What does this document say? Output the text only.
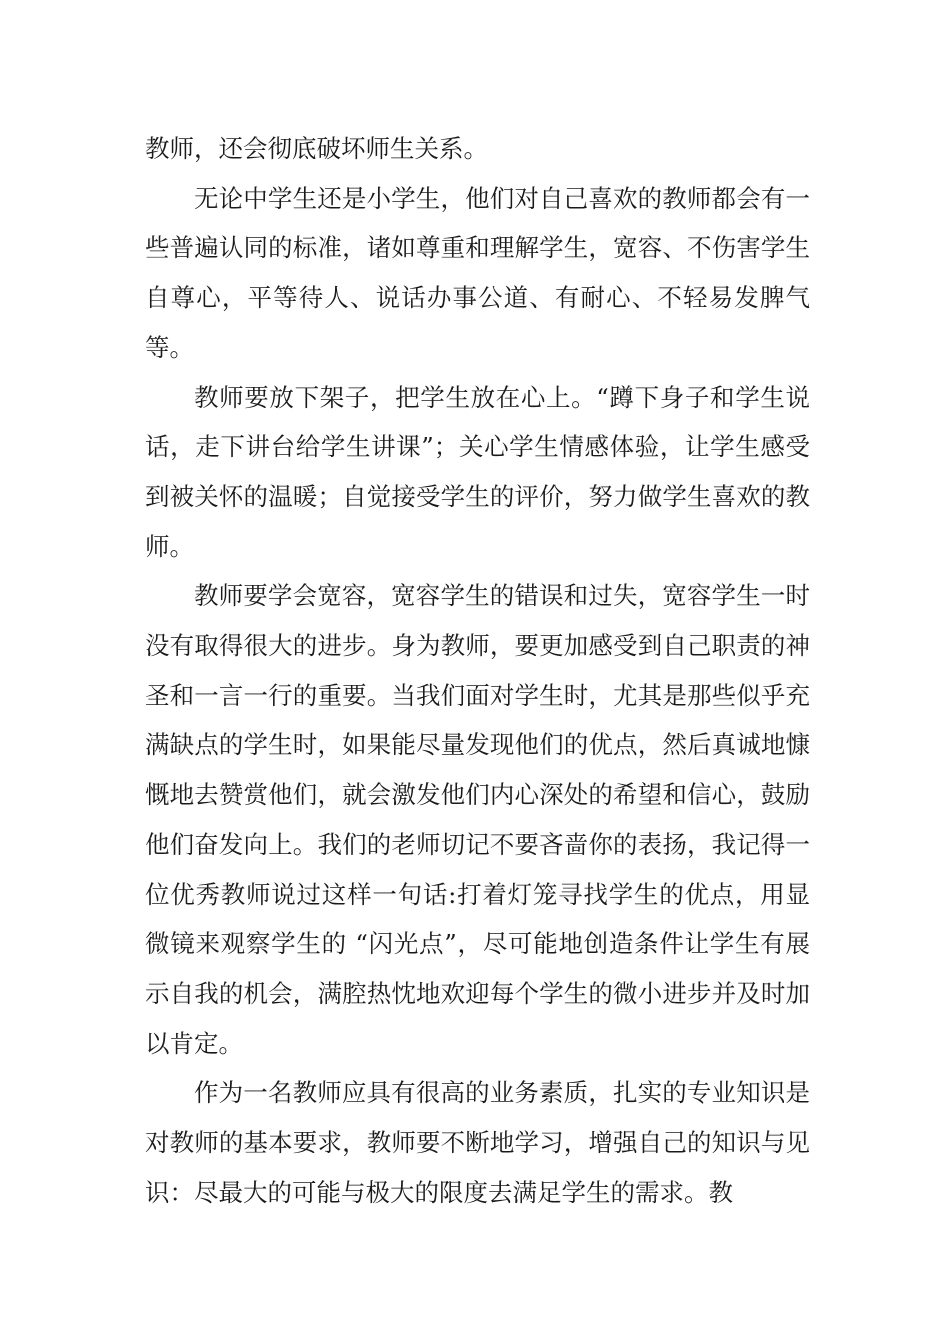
教师，还会彻底破坏师生关系。

无论中学生还是小学生，他们对自己喜欢的教师都会有一些普遍认同的标准，诸如尊重和理解学生，宽容、不伤害学生自尊心，平等待人、说话办事公道、有耐心、不轻易发脾气等。

教师要放下架子，把学生放在心上。“蹲下身子和学生说话，走下讲台给学生讲课”；关心学生情感体验，让学生感受到被关怀的温暖；自觉接受学生的评价，努力做学生喜欢的教师。

教师要学会宽容，宽容学生的错误和过失，宽容学生一时没有取得很大的进步。身为教师，要更加感受到自己职责的神圣和一言一行的重要。当我们面对学生时，尤其是那些似乎充满缺点的学生时，如果能尽量发现他们的优点，然后真诚地慷慨地去赞赏他们，就会激发他们内心深处的希望和信心，鼓励他们奋发向上。我们的老师切记不要吝啬你的表扬，我记得一位优秀教师说过这样一句话:打着灯笼寻找学生的优点，用显微镜来观察学生的 “闪光点”，尽可能地创造条件让学生有展示自我的机会，满腔热忱地欢迎每个学生的微小进步并及时加以肯定。

作为一名教师应具有很高的业务素质，扎实的专业知识是对教师的基本要求，教师要不断地学习，增强自己的知识与见识：尽最大的可能与极大的限度去满足学生的需求。教
